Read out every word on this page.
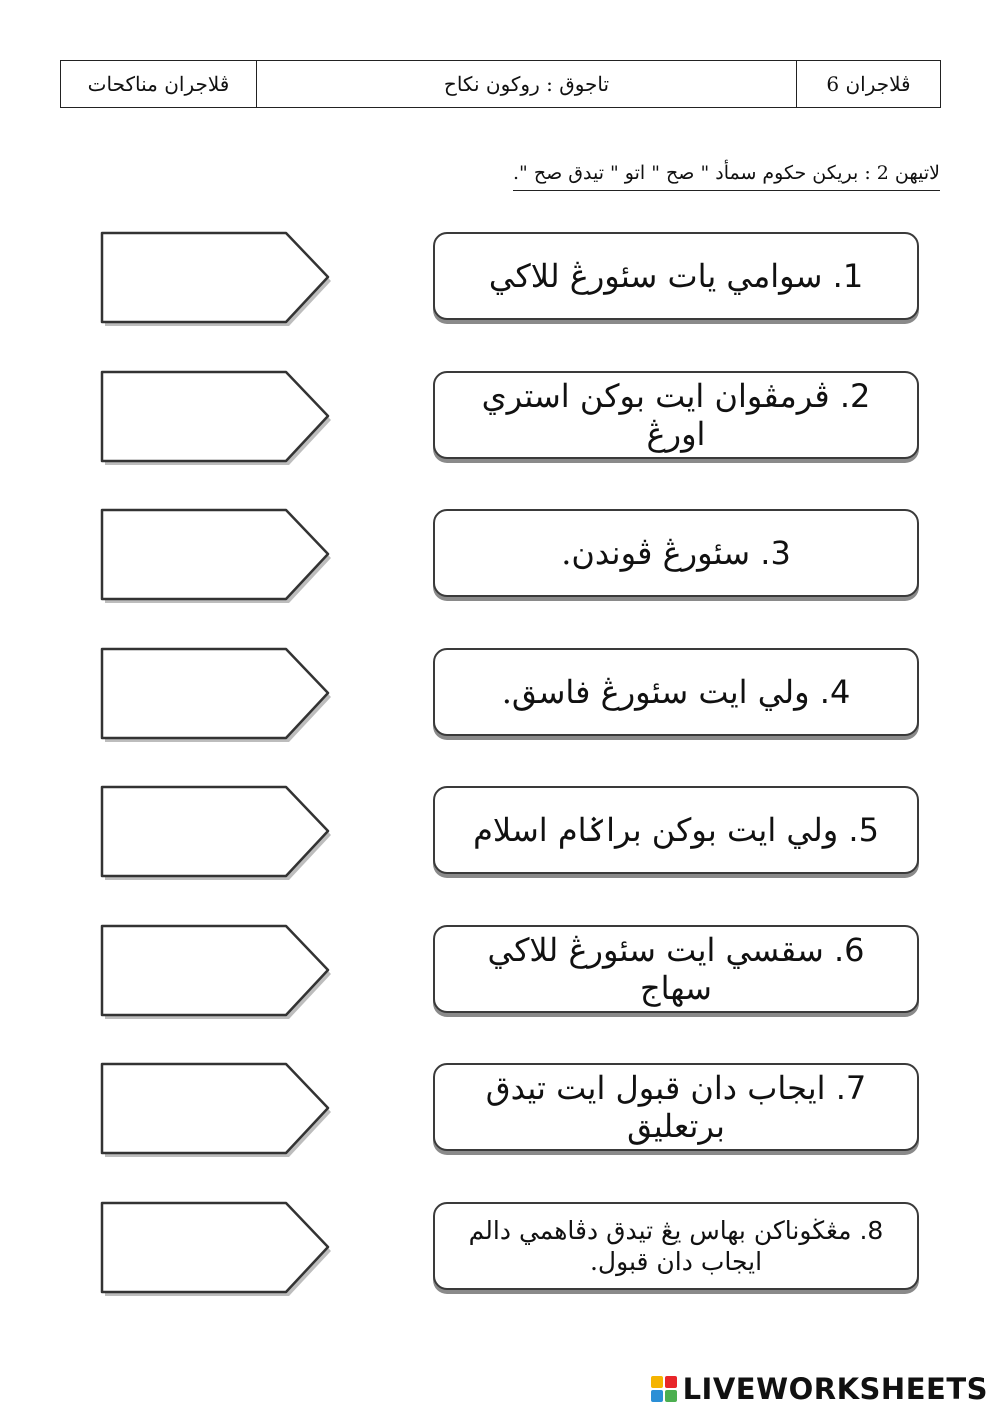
ڤلاجران مناكحات	تاجوق : روكون نكاح	ڤلاجران 6
لاتيهن 2 : بريكن حكوم سمأد " صح " اتو " تيدق صح ".
1. سوامي يات سئورڠ للاكي
2. ڤرمڤوان ايت بوكن استري اورڠ
3. سئورڠ ڤوندن.
4. ولي ايت سئورڠ فاسق.
5. ولي ايت بوكن براݢام اسلام
6. سقسي ايت سئورڠ للاكي سهاج
7. ايجاب دان قبول ايت تيدق برتعليق
8. مڠڬوناكن بهاس يڠ تيدق دڤاهمي دالم ايجاب دان قبول.
LIVEWORKSHEETS
